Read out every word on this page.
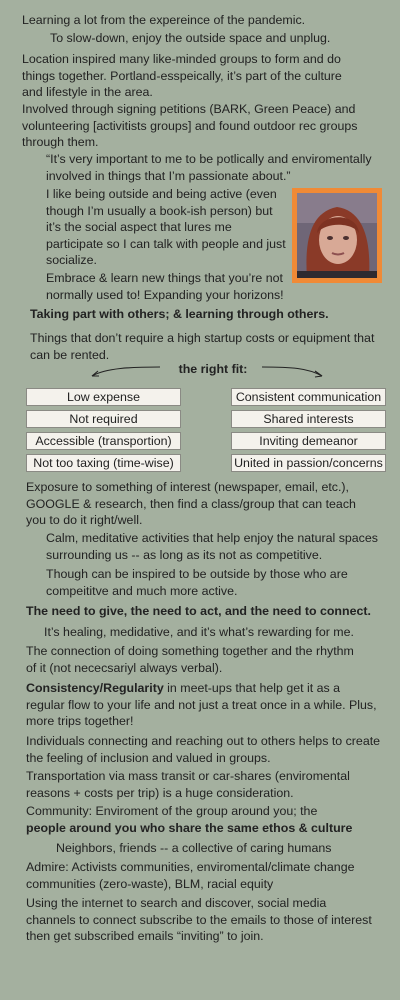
Learning a lot from the expereince of the pandemic.

To slow-down, enjoy the outside space and unplug.

Location inspired many like-minded groups to form and do things together. Portland-esspeically, it’s part of the culture and lifestyle in the area.

Involved through signing petitions (BARK, Green Peace) and volunteering [activitists groups] and found outdoor rec groups through them.

“It’s very important to me to be potlically and enviromentally involved in things that I’m passionate about.”

I like being outside and being active (even though I’m usually a book-ish person) but it’s the social aspect that lures me participate so I can talk with people and just socialize.

Embrace & learn new things that you’re not normally used to! Expanding your horizons!

Taking part with others; & learning through others.

Things that don’t require a high startup costs or equipment that can be rented.

the right fit:
Low expense
Not required
Accessible (transportion)
Not too taxing (time-wise)
Consistent communication
Shared interests
Inviting demeanor
United in passion/concerns

Exposure to something of interest (newspaper, email, etc.), GOOGLE & research, then find a class/group that can teach you to do it right/well.

Calm, meditative activities that help enjoy the natural spaces surrounding us -- as long as its not as competitive.

Though can be inspired to be outside by those who are compeititve and much more active.

The need to give, the need to act, and the need to connect.

It’s healing, medidative, and it’s what’s rewarding for me.

The connection of doing something together and the rhythm of it (not nececsariyl always verbal).

Consistency/Regularity in meet-ups that help get it as a regular flow to your life and not just a treat once in a while. Plus, more trips together!

Individuals connecting and reaching out to others helps to create the feeling of inclusion and valued in groups.

Transportation via mass transit or car-shares (enviromental reasons + costs per trip) is a huge consideration.

Community: Enviroment of the group around you; the
people around you who share the same ethos & culture

Neighbors, friends -- a collective of caring humans

Admire: Activists communities, enviromental/climate change communities (zero-waste), BLM, racial equity

Using the internet to search and discover, social media channels to connect subscribe to the emails to those of interest then get subscribed emails “inviting” to join.
